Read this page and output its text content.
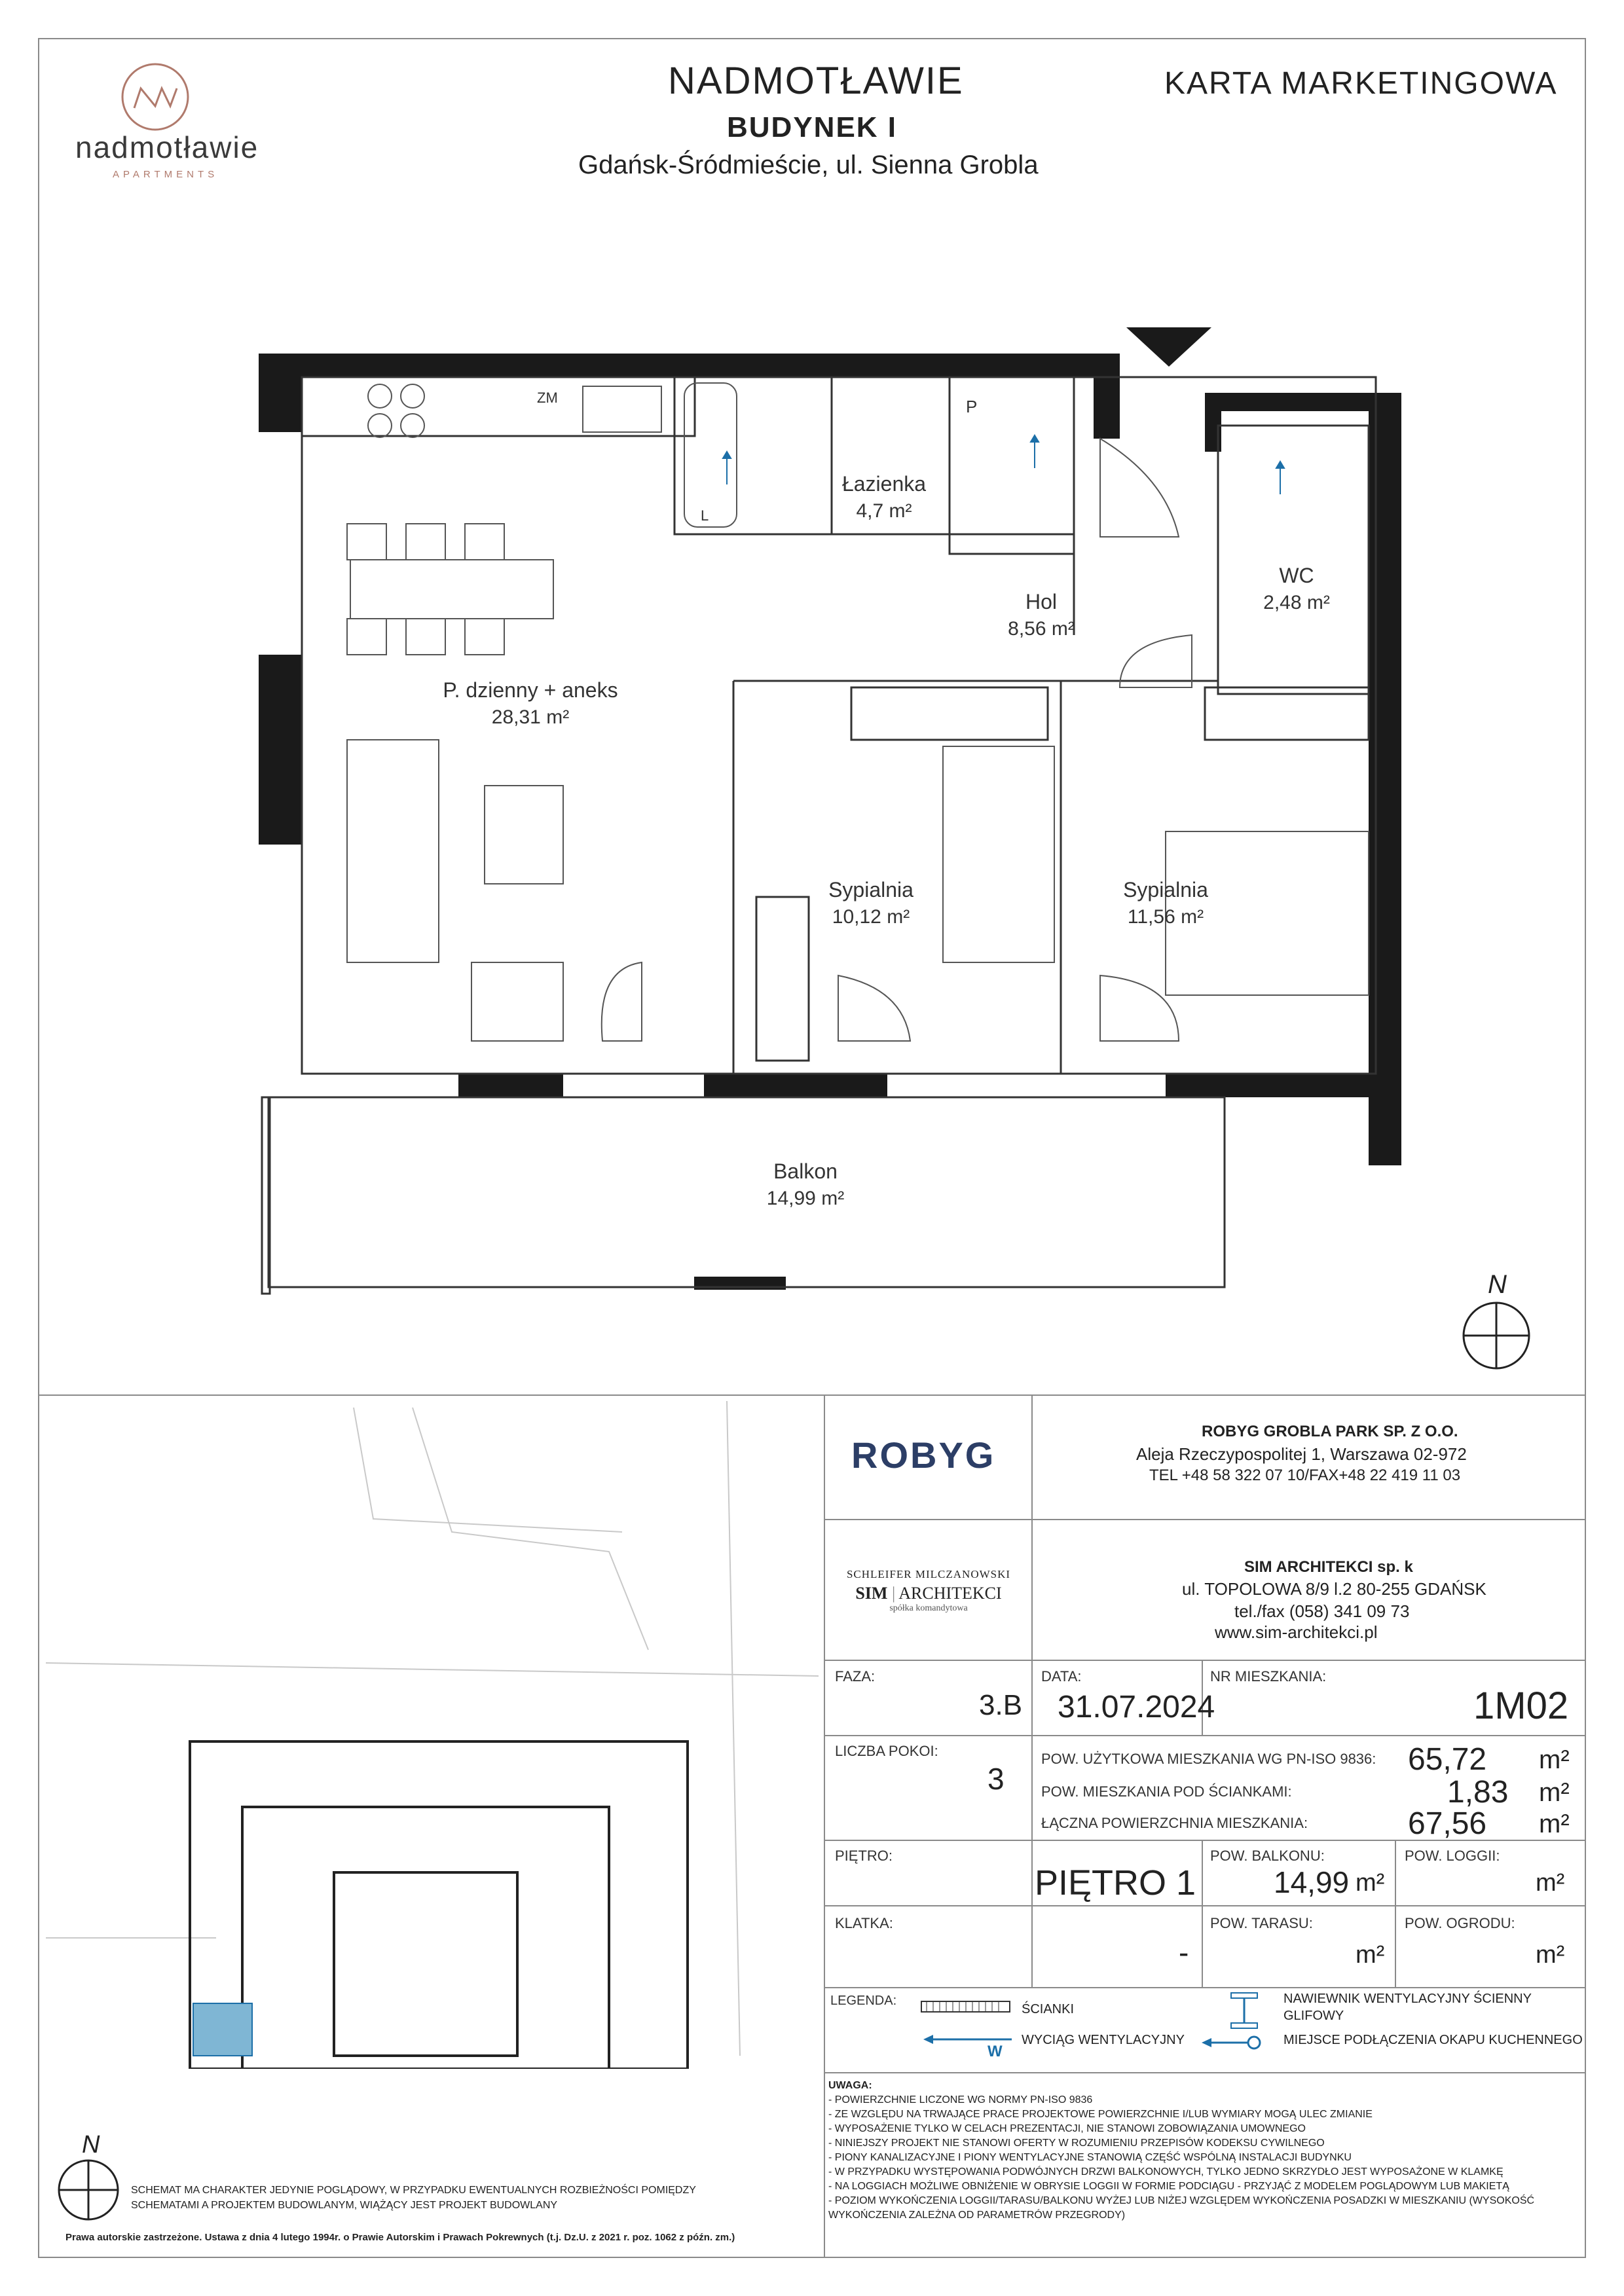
nadmotławie
APARTMENTS
NADMOTŁAWIE
BUDYNEK I
Gdańsk-Śródmieście, ul. Sienna Grobla
KARTA MARKETINGOWA
Łazienka
4,7 m²
Hol
8,56 m²
WC
2,48 m²
P. dzienny + aneks
28,31 m²
Sypialnia
10,12 m²
Sypialnia
11,56 m²
Balkon
14,99 m²
ZM	P
L
N
N
SCHEMAT MA CHARAKTER JEDYNIE POGLĄDOWY, W PRZYPADKU EWENTUALNYCH ROZBIEŻNOŚCI POMIĘDZY
SCHEMATAMI A PROJEKTEM BUDOWLANYM, WIĄŻĄCY JEST PROJEKT BUDOWLANY
Prawa autorskie zastrzeżone. Ustawa z dnia 4 lutego 1994r. o Prawie Autorskim i Prawach Pokrewnych (t.j. Dz.U. z 2021 r. poz. 1062 z późn. zm.)
ROBYG
ROBYG GROBLA PARK SP. Z O.O.
Aleja Rzeczypospolitej 1, Warszawa 02-972
TEL +48 58 322 07 10/FAX+48 22 419 11 03
SCHLEIFER MILCZANOWSKI
SIM | ARCHITEKCI
spółka komandytowa
SIM ARCHITEKCI sp. k
ul. TOPOLOWA 8/9 l.2 80-255 GDAŃSK
tel./fax (058) 341 09 73
www.sim-architekci.pl
FAZA:
3.B
DATA:
31.07.2024
NR MIESZKANIA:
1M02
LICZBA POKOI:
3
POW. UŻYTKOWA MIESZKANIA WG PN-ISO 9836: 65,72 m²
POW. MIESZKANIA POD ŚCIANKAMI:	1,83 m²
ŁĄCZNA POWIERZCHNIA MIESZKANIA:	67,56 m²
PIĘTRO:
PIĘTRO 1
POW. BALKONU:
14,99 m²
POW. LOGGII:
m²
KLATKA:
-
POW. TARASU:
m²
POW. OGRODU:
m²
LEGENDA:
ŚCIANKI
W
WYCIĄG WENTYLACYJNY
NAWIEWNIK WENTYLACYJNY ŚCIENNY GLIFOWY
MIEJSCE PODŁĄCZENIA OKAPU KUCHENNEGO
UWAGA:
- POWIERZCHNIE LICZONE WG NORMY PN-ISO 9836
- ZE WZGLĘDU NA TRWAJĄCE PRACE PROJEKTOWE POWIERZCHNIE I/LUB WYMIARY MOGĄ ULEC ZMIANIE
- WYPOSAŻENIE TYLKO W CELACH PREZENTACJI, NIE STANOWI ZOBOWIĄZANIA UMOWNEGO
- NINIEJSZY PROJEKT NIE STANOWI OFERTY W ROZUMIENIU PRZEPISÓW KODEKSU CYWILNEGO
- PIONY KANALIZACYJNE I PIONY WENTYLACYJNE STANOWIĄ CZĘŚĆ WSPÓLNĄ INSTALACJI BUDYNKU
- W PRZYPADKU WYSTĘPOWANIA PODWÓJNYCH DRZWI BALKONOWYCH, TYLKO JEDNO SKRZYDŁO JEST WYPOSAŻONE W KLAMKĘ
- NA LOGGIACH MOŻLIWE OBNIŻENIE W OBRYSIE LOGGII W FORMIE PODCIĄGU - PRZYJĄĆ Z MODELEM POGLĄDOWYM LUB MAKIETĄ
- POZIOM WYKOŃCZENIA LOGGII/TARASU/BALKONU WYŻEJ LUB NIŻEJ WZGLĘDEM WYKOŃCZENIA POSADZKI W MIESZKANIU (WYSOKOŚĆ
WYKOŃCZENIA ZALEŻNA OD PARAMETRÓW PRZEGRODY)
